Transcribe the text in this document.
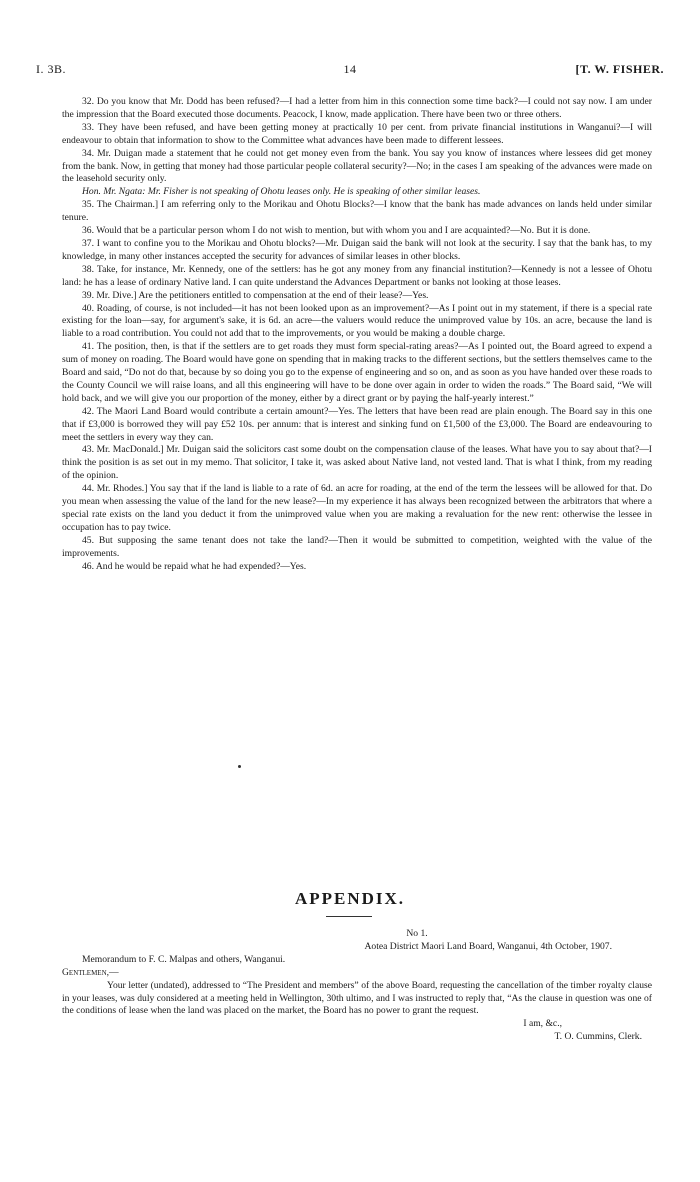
I. 3B.	14	[T. W. FISHER.

32. Do you know that Mr. Dodd has been refused?—I had a letter from him in this connection some time back?—I could not say now. I am under the impression that the Board executed those documents. Peacock, I know, made application. There have been two or three others.

33. They have been refused, and have been getting money at practically 10 per cent. from private financial institutions in Wanganui?—I will endeavour to obtain that information to show to the Committee what advances have been made to different lessees.

34. Mr. Duigan made a statement that he could not get money even from the bank. You say you know of instances where lessees did get money from the bank. Now, in getting that money had those particular people collateral security?—No; in the cases I am speaking of the advances were made on the leasehold security only.

Hon. Mr. Ngata: Mr. Fisher is not speaking of Ohotu leases only. He is speaking of other similar leases.

35. The Chairman.] I am referring only to the Morikau and Ohotu Blocks?—I know that the bank has made advances on lands held under similar tenure.

36. Would that be a particular person whom I do not wish to mention, but with whom you and I are acquainted?—No. But it is done.

37. I want to confine you to the Morikau and Ohotu blocks?—Mr. Duigan said the bank will not look at the security. I say that the bank has, to my knowledge, in many other instances accepted the security for advances of similar leases in other blocks.

38. Take, for instance, Mr. Kennedy, one of the settlers: has he got any money from any financial institution?—Kennedy is not a lessee of Ohotu land: he has a lease of ordinary Native land. I can quite understand the Advances Department or banks not looking at those leases.

39. Mr. Dive.] Are the petitioners entitled to compensation at the end of their lease?—Yes.

40. Roading, of course, is not included—it has not been looked upon as an improvement?—As I point out in my statement, if there is a special rate existing for the loan—say, for argument's sake, it is 6d. an acre—the valuers would reduce the unimproved value by 10s. an acre, because the land is liable to a road contribution. You could not add that to the improvements, or you would be making a double charge.

41. The position, then, is that if the settlers are to get roads they must form special-rating areas?—As I pointed out, the Board agreed to expend a sum of money on roading. The Board would have gone on spending that in making tracks to the different sections, but the settlers themselves came to the Board and said, “Do not do that, because by so doing you go to the expense of engineering and so on, and as soon as you have handed over these roads to the County Council we will raise loans, and all this engineering will have to be done over again in order to widen the roads.” The Board said, “We will hold back, and we will give you our proportion of the money, either by a direct grant or by paying the half-yearly interest.”

42. The Maori Land Board would contribute a certain amount?—Yes. The letters that have been read are plain enough. The Board say in this one that if £3,000 is borrowed they will pay £52 10s. per annum: that is interest and sinking fund on £1,500 of the £3,000. The Board are endeavouring to meet the settlers in every way they can.

43. Mr. MacDonald.] Mr. Duigan said the solicitors cast some doubt on the compensation clause of the leases. What have you to say about that?—I think the position is as set out in my memo. That solicitor, I take it, was asked about Native land, not vested land. That is what I think, from my reading of the opinion.

44. Mr. Rhodes.] You say that if the land is liable to a rate of 6d. an acre for roading, at the end of the term the lessees will be allowed for that. Do you mean when assessing the value of the land for the new lease?—In my experience it has always been recognized between the arbitrators that where a special rate exists on the land you deduct it from the unimproved value when you are making a revaluation for the new rent: otherwise the lessee in occupation has to pay twice.

45. But supposing the same tenant does not take the land?—Then it would be submitted to competition, weighted with the value of the improvements.

46. And he would be repaid what he had expended?—Yes.

APPENDIX.
No 1.
Aotea District Maori Land Board, Wanganui, 4th October, 1907.
Memorandum to F. C. Malpas and others, Wanganui.
Gentlemen,—
Your letter (undated), addressed to “The President and members” of the above Board, requesting the cancellation of the timber royalty clause in your leases, was duly considered at a meeting held in Wellington, 30th ultimo, and I was instructed to reply that, “As the clause in question was one of the conditions of lease when the land was placed on the market, the Board has no power to grant the request.
I am, &c.,
T. O. Cummins, Clerk.
